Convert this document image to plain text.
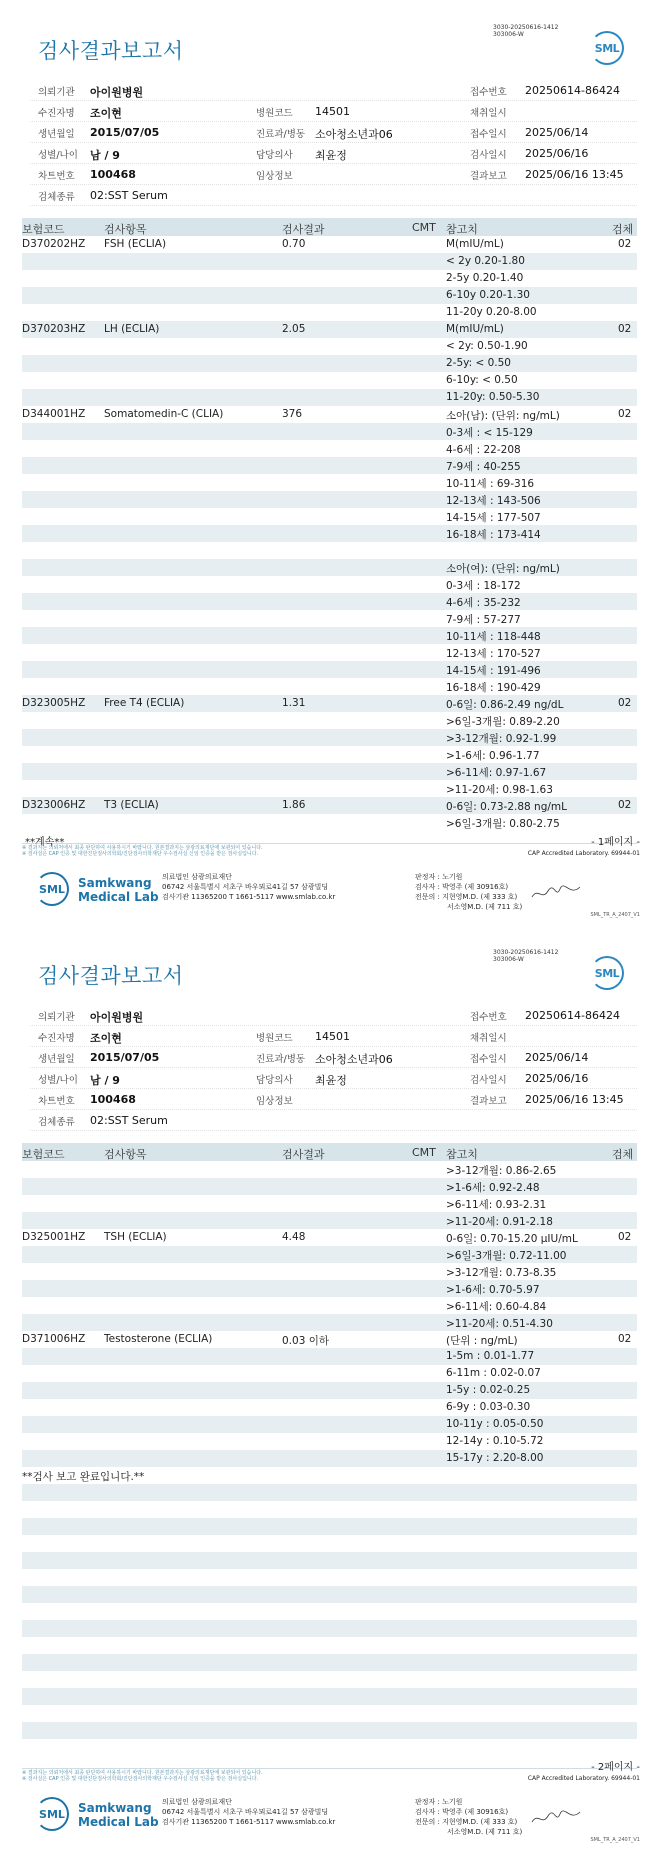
3030-20250616-1412
303006-W
검사결과보고서	SML
의뢰기관 아이원병원	접수번호 20250614-86424
수진자명 조이현	병원코드 14501	채취일시
생년월일 2015/07/05	진료과/병동 소아청소년과06	접수일시 2025/06/14
성별/나이 남 / 9	담당의사 최윤정	검사일시 2025/06/16
차트번호 100468	임상정보	결과보고 2025/06/16 13:45
검체종류 02:SST Serum
보험코드	검사항목	검사결과	CMT 참고치	검체
D370202HZ FSH (ECLIA)	0.70	M(mIU/mL)	02
< 2y 0.20-1.80
2-5y 0.20-1.40
6-10y 0.20-1.30
11-20y 0.20-8.00
D370203HZ LH (ECLIA)	2.05	M(mIU/mL)	02
< 2y: 0.50-1.90
2-5y: < 0.50
6-10y: < 0.50
11-20y: 0.50-5.30
D344001HZ Somatomedin-C (CLIA)	376	소아(남): (단위: ng/mL)	02
0-3세 : < 15-129
4-6세 : 22-208
7-9세 : 40-255
10-11세 : 69-316
12-13세 : 143-506
14-15세 : 177-507
16-18세 : 173-414
소아(여): (단위: ng/mL)
0-3세 : 18-172
4-6세 : 35-232
7-9세 : 57-277
10-11세 : 118-448
12-13세 : 170-527
14-15세 : 191-496
16-18세 : 190-429
D323005HZ Free T4 (ECLIA)	1.31	0-6일: 0.86-2.49 ng/dL	02
>6일-3개월: 0.89-2.20
>3-12개월: 0.92-1.99
>1-6세: 0.96-1.77
>6-11세: 0.97-1.67
>11-20세: 0.98-1.63
D323006HZ T3 (ECLIA)	1.86	0-6일: 0.73-2.88 ng/mL	02
>6일-3개월: 0.80-2.75
- 1페이지 -
※ 결과지는 의뢰처에서 최종 판단하여 사용하시기 바랍니다. 원본결과지는 삼광의료재단에 보관되어 있습니다.
※ 검사실은 CAP 인증 및 대한진단검사의학회/진단검사의학재단 우수검사실 신임 인증을 받은 검사실입니다.	CAP Accredited Laboratory. 69944-01
SML	Samkwang
Medical Lab
의료법인 삼광의료재단
06742 서울특별시 서초구 바우뫼로41길 57 삼광빌딩
검사기관 11365200 T 1661-5117 www.smlab.co.kr
판정자 : 노기원
검사자 : 박영주 (제 30916호)
전문의 : 지현영M.D. (제 333 호)
서소영M.D. (제 711 호)
SML_TR_A_2407_V1
**계속**
3030-20250616-1412
303006-W
검사결과보고서	SML
의뢰기관 아이원병원	접수번호 20250614-86424
수진자명 조이현	병원코드 14501	채취일시
생년월일 2015/07/05	진료과/병동 소아청소년과06	접수일시 2025/06/14
성별/나이 남 / 9	담당의사 최윤정	검사일시 2025/06/16
차트번호 100468	임상정보	결과보고 2025/06/16 13:45
검체종류 02:SST Serum
보험코드	검사항목	검사결과	CMT 참고치	검체
>3-12개월: 0.86-2.65
>1-6세: 0.92-2.48
>6-11세: 0.93-2.31
>11-20세: 0.91-2.18
D325001HZ TSH (ECLIA)	4.48	0-6일: 0.70-15.20 μIU/mL	02
>6일-3개월: 0.72-11.00
>3-12개월: 0.73-8.35
>1-6세: 0.70-5.97
>6-11세: 0.60-4.84
>11-20세: 0.51-4.30
D371006HZ Testosterone (ECLIA)	0.03 이하	(단위 : ng/mL)	02
1-5m : 0.01-1.77
6-11m : 0.02-0.07
1-5y : 0.02-0.25
6-9y : 0.03-0.30
10-11y : 0.05-0.50
12-14y : 0.10-5.72
15-17y : 2.20-8.00
**검사 보고 완료입니다.**
- 2페이지 -
※ 결과지는 의뢰처에서 최종 판단하여 사용하시기 바랍니다. 원본결과지는 삼광의료재단에 보관되어 있습니다.
※ 검사실은 CAP 인증 및 대한진단검사의학회/진단검사의학재단 우수검사실 신임 인증을 받은 검사실입니다.	CAP Accredited Laboratory. 69944-01
SML	Samkwang
Medical Lab
의료법인 삼광의료재단
06742 서울특별시 서초구 바우뫼로41길 57 삼광빌딩
검사기관 11365200 T 1661-5117 www.smlab.co.kr
판정자 : 노기원
검사자 : 박영주 (제 30916호)
전문의 : 지현영M.D. (제 333 호)
서소영M.D. (제 711 호)
SML_TR_A_2407_V1
